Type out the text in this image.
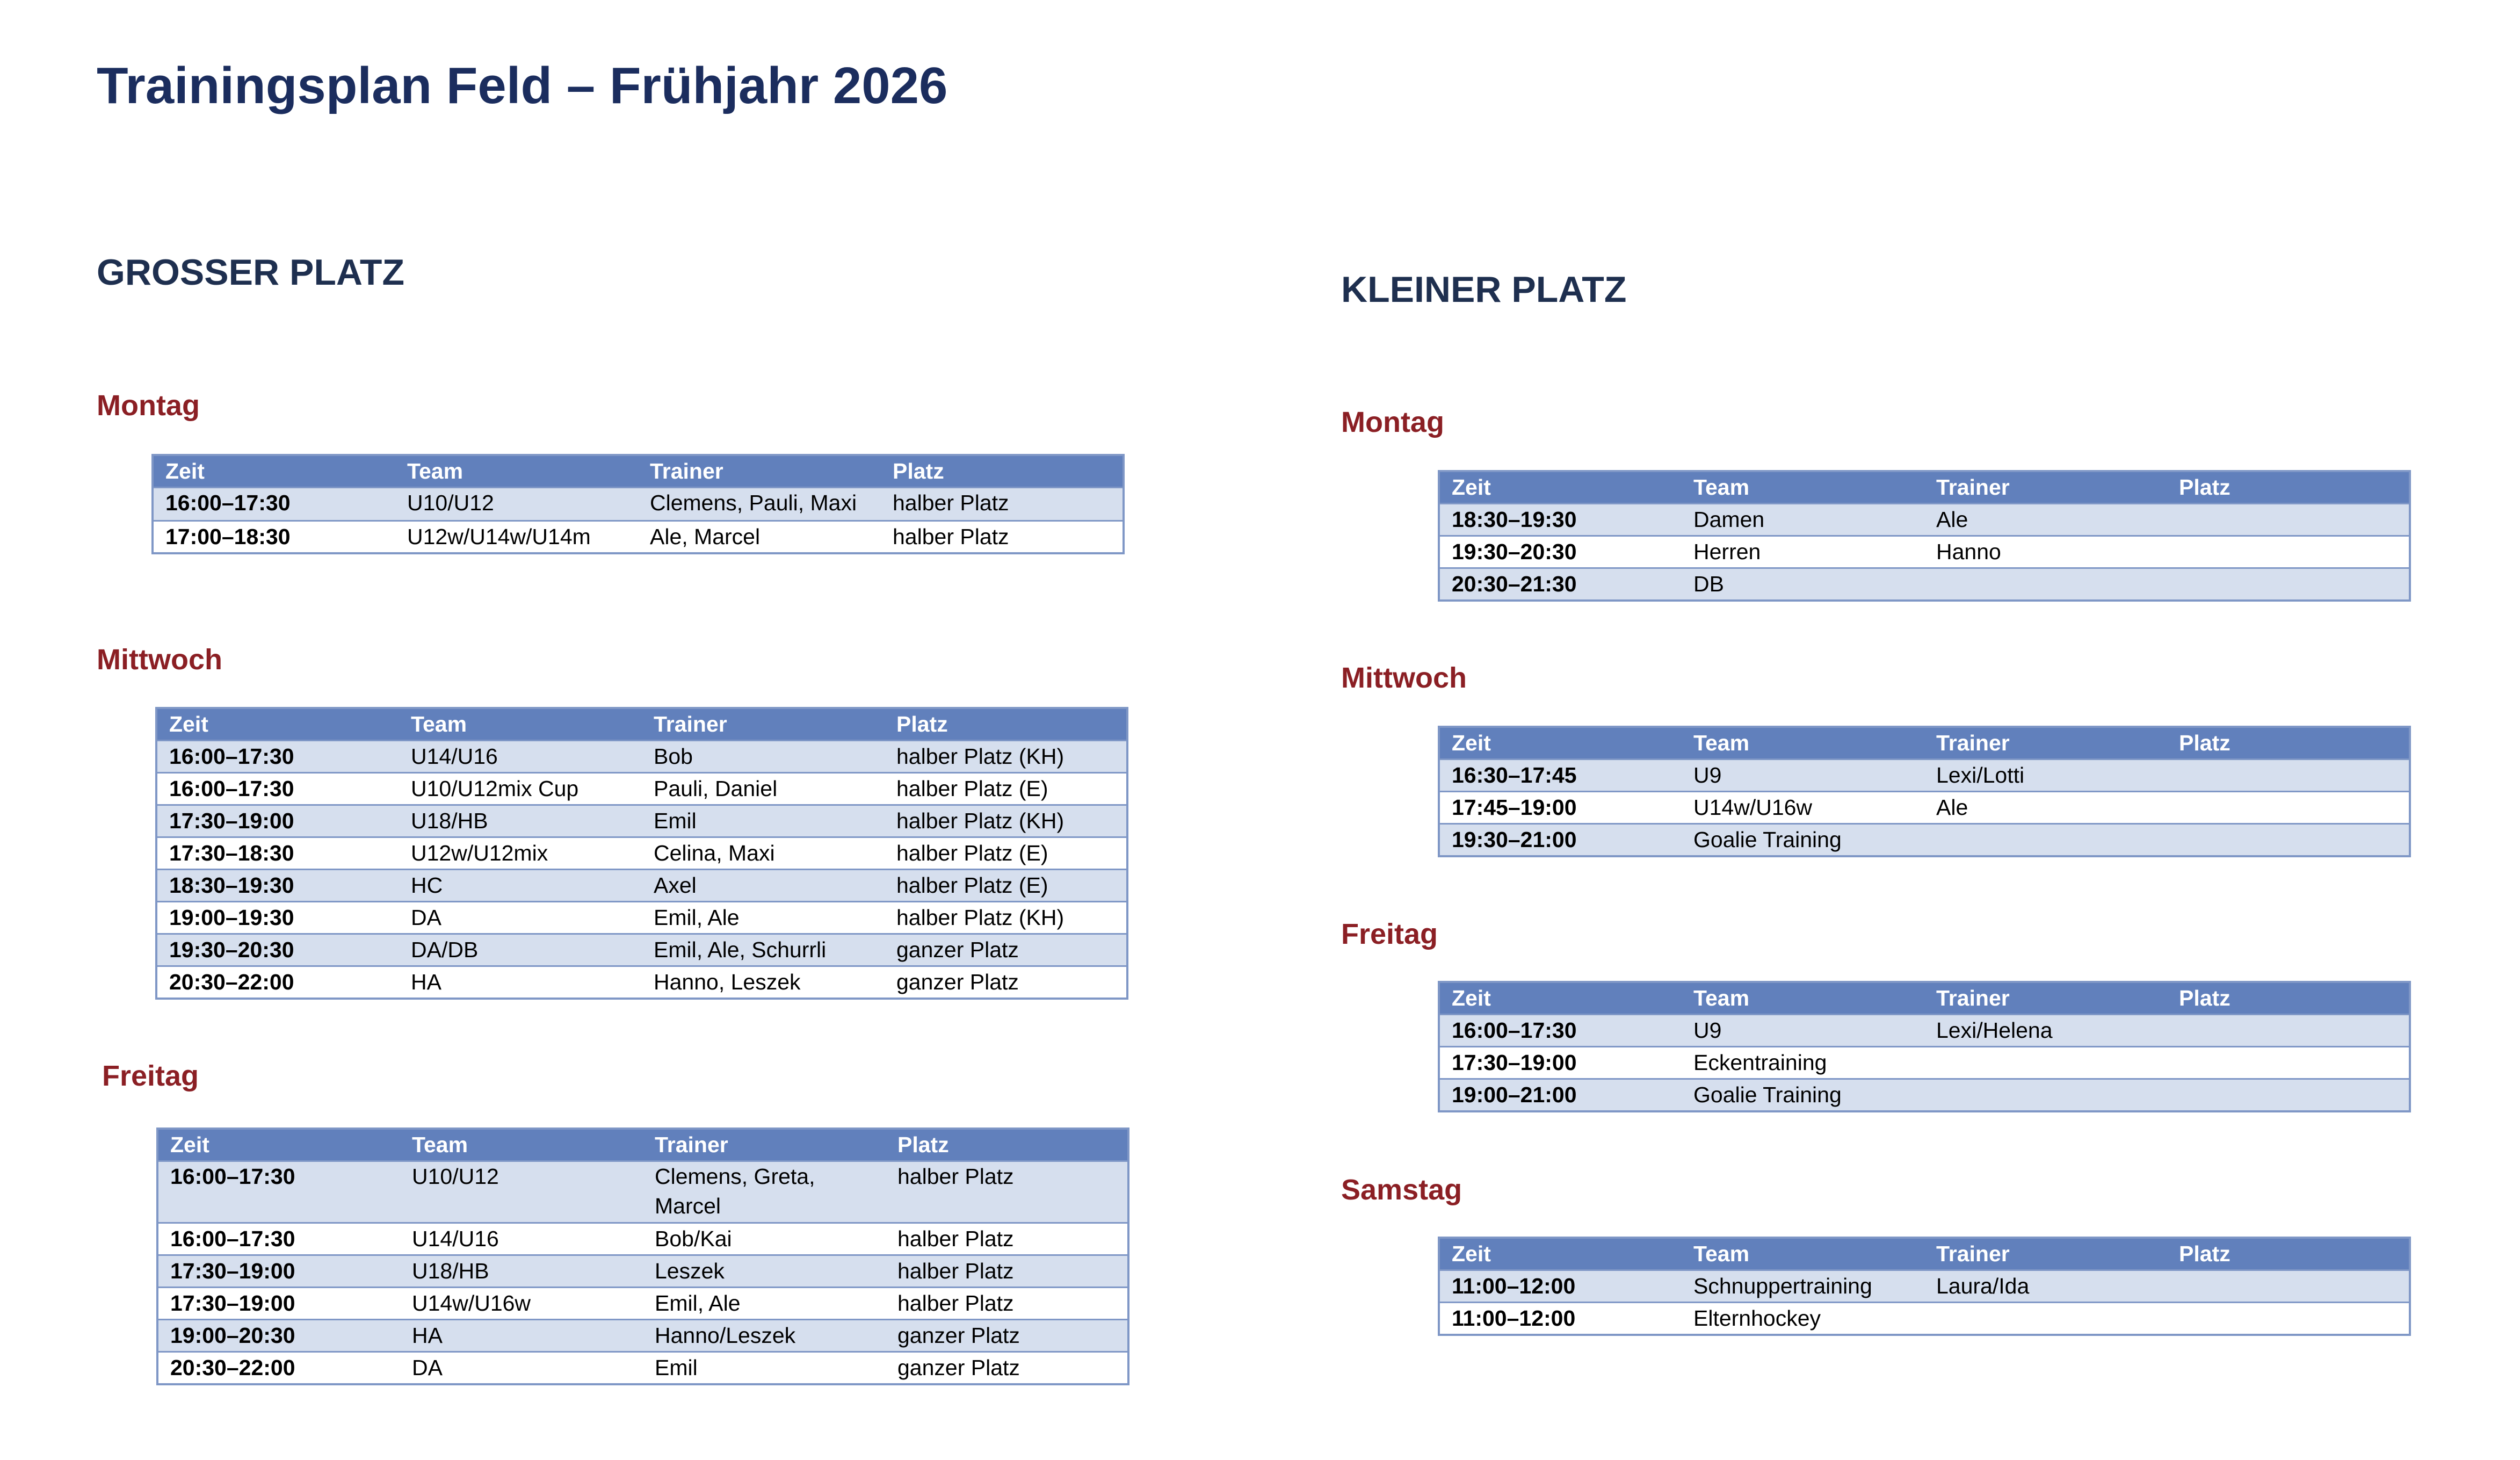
Trainingsplan Feld – Frühjahr 2026
GROSSER PLATZ	KLEINER PLATZ
Montag
Zeit	Team	Trainer	Platz
16:00–17:30	U10/U12	Clemens, Pauli, Maxi	halber Platz
17:00–18:30	U12w/U14w/U14m	Ale, Marcel	halber Platz
Mittwoch
Zeit	Team	Trainer	Platz
16:00–17:30	U14/U16	Bob	halber Platz (KH)
16:00–17:30	U10/U12mix Cup	Pauli, Daniel	halber Platz (E)
17:30–19:00	U18/HB	Emil	halber Platz (KH)
17:30–18:30	U12w/U12mix	Celina, Maxi	halber Platz (E)
18:30–19:30	HC	Axel	halber Platz (E)
19:00–19:30	DA	Emil, Ale	halber Platz (KH)
19:30–20:30	DA/DB	Emil, Ale, Schurrli	ganzer Platz
20:30–22:00	HA	Hanno, Leszek	ganzer Platz
Freitag
Zeit	Team	Trainer	Platz
16:00–17:30	U10/U12	Clemens, Greta, Marcel	halber Platz
16:00–17:30	U14/U16	Bob/Kai	halber Platz
17:30–19:00	U18/HB	Leszek	halber Platz
17:30–19:00	U14w/U16w	Emil, Ale	halber Platz
19:00–20:30	HA	Hanno/Leszek	ganzer Platz
20:30–22:00	DA	Emil	ganzer Platz
Montag
Zeit	Team	Trainer	Platz
18:30–19:30	Damen	Ale	
19:30–20:30	Herren	Hanno	
20:30–21:30	DB		
Mittwoch
Zeit	Team	Trainer	Platz
16:30–17:45	U9	Lexi/Lotti	
17:45–19:00	U14w/U16w	Ale	
19:30–21:00	Goalie Training		
Freitag
Zeit	Team	Trainer	Platz
16:00–17:30	U9	Lexi/Helena	
17:30–19:00	Eckentraining		
19:00–21:00	Goalie Training		
Samstag
Zeit	Team	Trainer	Platz
11:00–12:00	Schnuppertraining	Laura/Ida	
11:00–12:00	Elternhockey		
